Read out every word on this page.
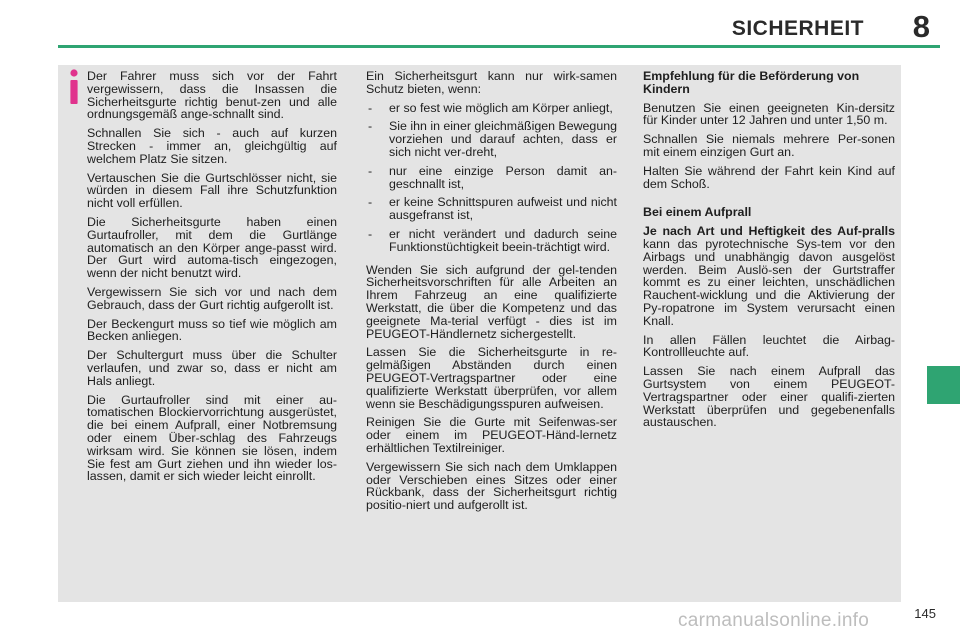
SICHERHEIT 8

Der Fahrer muss sich vor der Fahrt vergewissern, dass die Insassen die Sicherheitsgurte richtig benut-zen und alle ordnungsgemäß ange-schnallt sind.

Schnallen Sie sich - auch auf kurzen Strecken - immer an, gleichgültig auf welchem Platz Sie sitzen.

Vertauschen Sie die Gurtschlösser nicht, sie würden in diesem Fall ihre Schutzfunktion nicht voll erfüllen.

Die Sicherheitsgurte haben einen Gurtaufroller, mit dem die Gurtlänge automatisch an den Körper ange-passt wird. Der Gurt wird automa-tisch eingezogen, wenn der nicht benutzt wird.

Vergewissern Sie sich vor und nach dem Gebrauch, dass der Gurt richtig aufgerollt ist.

Der Beckengurt muss so tief wie möglich am Becken anliegen.

Der Schultergurt muss über die Schulter verlaufen, und zwar so, dass er nicht am Hals anliegt.

Die Gurtaufroller sind mit einer au-tomatischen Blockiervorrichtung ausgerüstet, die bei einem Aufprall, einer Notbremsung oder einem Über-schlag des Fahrzeugs wirksam wird. Sie können sie lösen, indem Sie fest am Gurt ziehen und ihn wieder los-lassen, damit er sich wieder leicht einrollt.

Ein Sicherheitsgurt kann nur wirk-samen Schutz bieten, wenn:

- er so fest wie möglich am Körper anliegt,
- Sie ihn in einer gleichmäßigen Bewegung vorziehen und darauf achten, dass er sich nicht ver-dreht,
- nur eine einzige Person damit an-geschnallt ist,
- er keine Schnittspuren aufweist und nicht ausgefranst ist,
- er nicht verändert und dadurch seine Funktionstüchtigkeit beein-trächtigt wird.

Wenden Sie sich aufgrund der gel-tenden Sicherheitsvorschriften für alle Arbeiten an Ihrem Fahrzeug an eine qualifizierte Werkstatt, die über die Kompetenz und das geeignete Ma-terial verfügt - dies ist im PEUGEOT-Händlernetz sichergestellt.

Lassen Sie die Sicherheitsgurte in re-gelmäßigen Abständen durch einen PEUGEOT-Vertragspartner oder eine qualifizierte Werkstatt überprüfen, vor allem wenn sie Beschädigungsspuren aufweisen.

Reinigen Sie die Gurte mit Seifenwas-ser oder einem im PEUGEOT-Händ-lernetz erhältlichen Textilreiniger.

Vergewissern Sie sich nach dem Umklappen oder Verschieben eines Sitzes oder einer Rückbank, dass der Sicherheitsgurt richtig positio-niert und aufgerollt ist.

Empfehlung für die Beförderung von Kindern

Benutzen Sie einen geeigneten Kin-dersitz für Kinder unter 12 Jahren und unter 1,50 m.

Schnallen Sie niemals mehrere Per-sonen mit einem einzigen Gurt an.

Halten Sie während der Fahrt kein Kind auf dem Schoß.

Bei einem Aufprall

Je nach Art und Heftigkeit des Auf-pralls kann das pyrotechnische Sys-tem vor den Airbags und unabhängig davon ausgelöst werden. Beim Auslö-sen der Gurtstraffer kommt es zu einer leichten, unschädlichen Rauchent-wicklung und die Aktivierung der Py-ropatrone im System verursacht einen Knall.

In allen Fällen leuchtet die Airbag-Kontrollleuchte auf.

Lassen Sie nach einem Aufprall das Gurtsystem von einem PEUGEOT-Vertragspartner oder einer qualifi-zierten Werkstatt überprüfen und gegebenenfalls austauschen.

145
carmanualsonline.info
